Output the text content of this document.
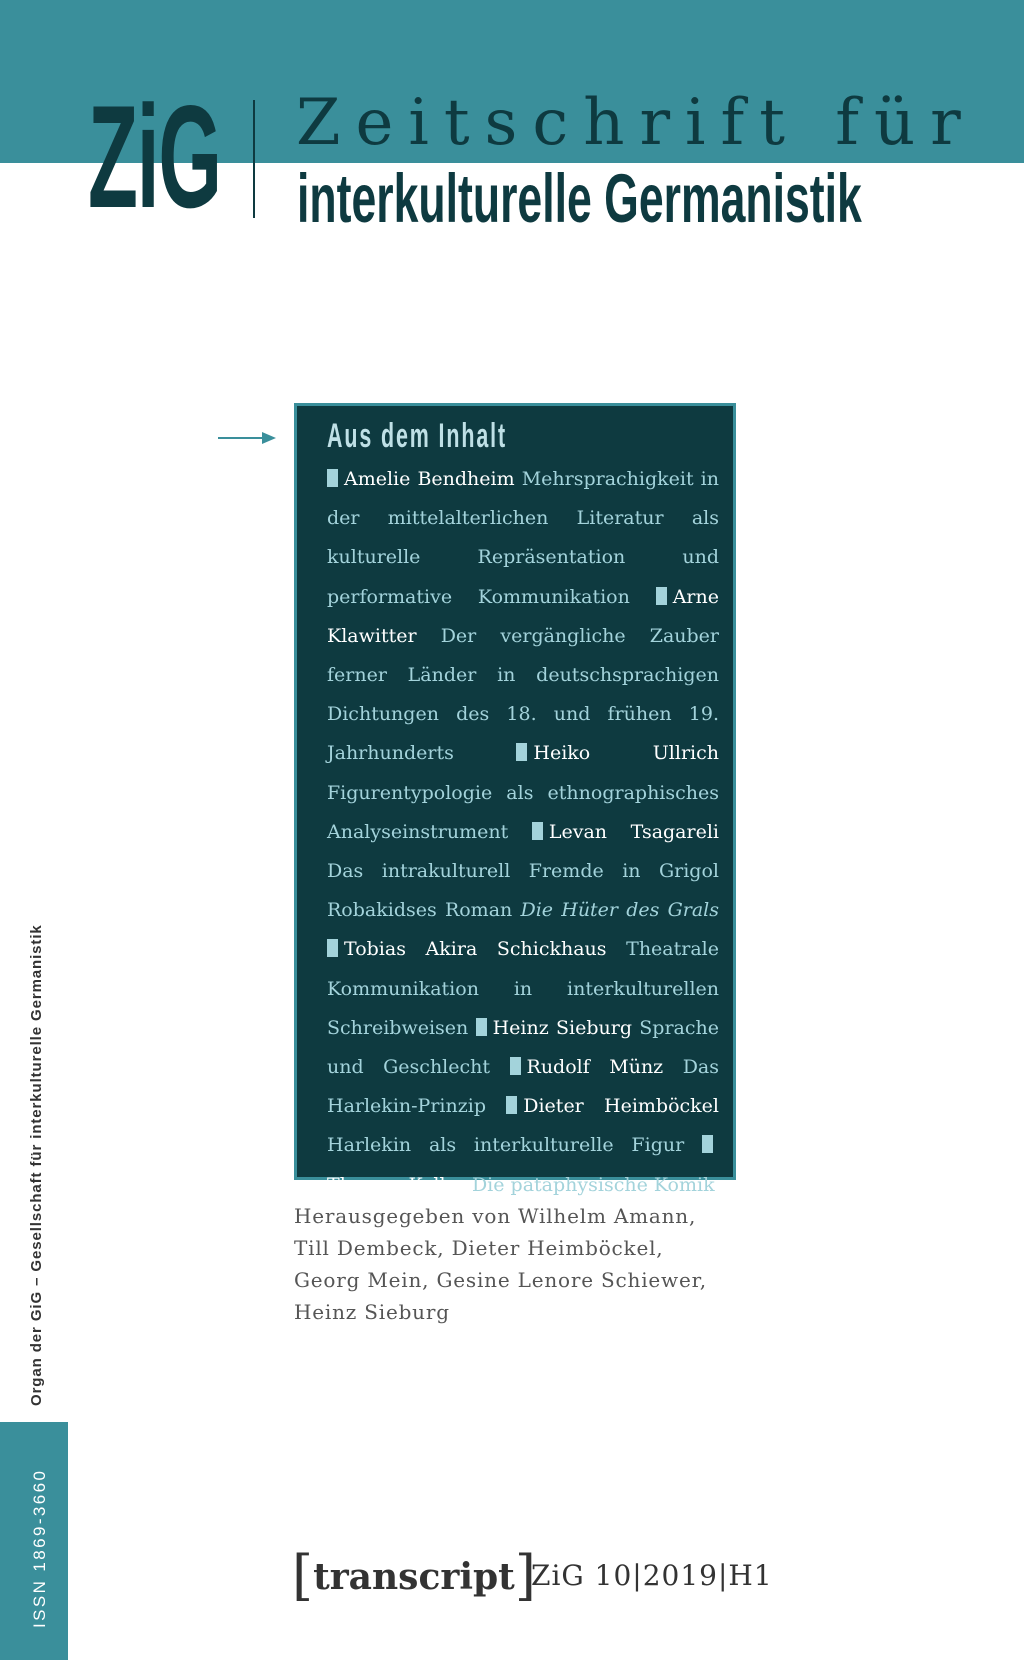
ZiG Zeitschrift für
interkulturelle Germanistik
Aus dem Inhalt
Amelie Bendheim Mehrsprachigkeit in der mittelalterlichen Literatur als kulturelle Repräsentation und performative Kommunikation Arne Klawitter Der vergängliche Zauber ferner Länder in deutschsprachigen Dichtungen des 18. und frühen 19. Jahrhunderts	Heiko Ullrich Figurentypologie als ethnographisches Analyseinstrument Levan Tsagareli Das intrakulturell Fremde in Grigol Robakidses Roman Die Hüter des Grals Tobias Akira Schickhaus Theatrale Kommunikation in interkulturellen Schreibweisen Heinz Sieburg Sprache und Geschlecht Rudolf Münz Das Harlekin-Prinzip Dieter Heimböckel Harlekin als interkulturelle Figur Thomas Keller Die pataphysische Komik
Herausgegeben von Wilhelm Amann,
Till Dembeck, Dieter Heimböckel,
Georg Mein, Gesine Lenore Schiewer,
Heinz Sieburg
Organ der GiG – Gesellschaft für interkulturelle Germanistik
ISSN 1869-3660	[transcript]
ZiG 10|2019|H1
